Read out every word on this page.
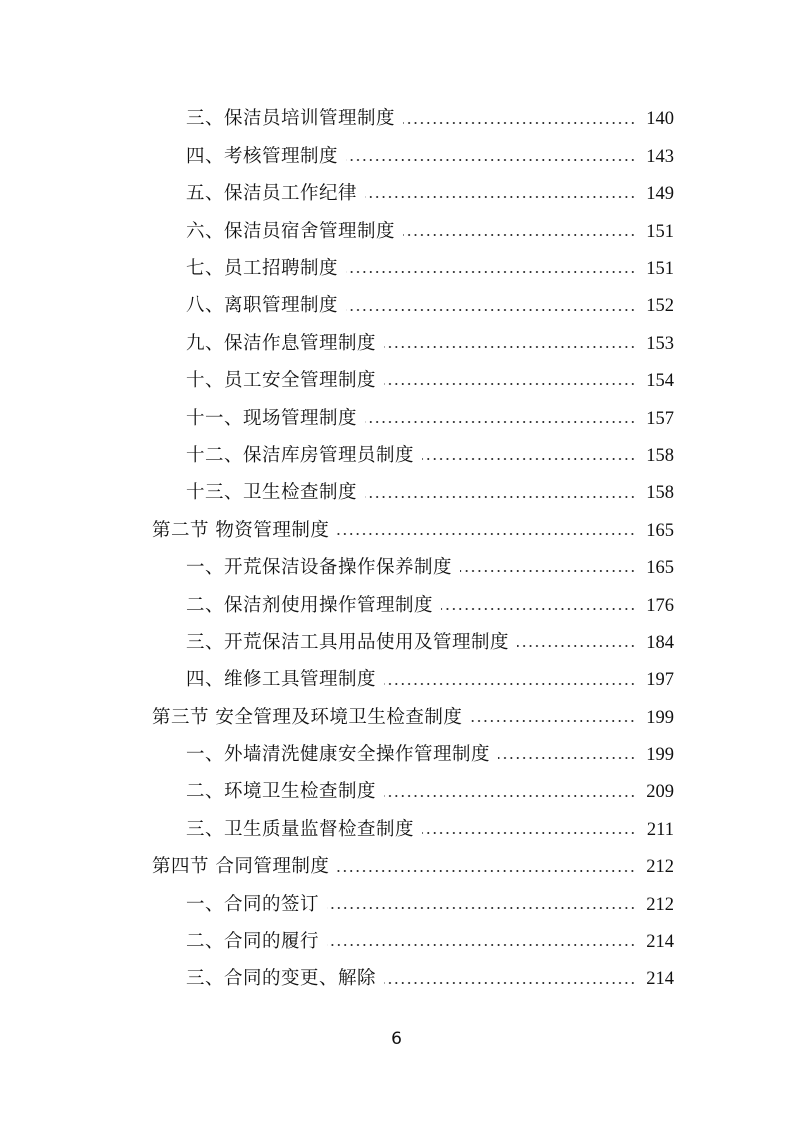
三、保洁员培训管理制度	140
四、考核管理制度	143
五、保洁员工作纪律	149
六、保洁员宿舍管理制度	151
七、员工招聘制度	151
八、离职管理制度	152
九、保洁作息管理制度	153
十、员工安全管理制度	154
十一、现场管理制度	157
十二、保洁库房管理员制度	158
十三、卫生检查制度	158
第二节 物资管理制度	165
一、开荒保洁设备操作保养制度	165
二、保洁剂使用操作管理制度	176
三、开荒保洁工具用品使用及管理制度	184
四、维修工具管理制度	197
第三节 安全管理及环境卫生检查制度	199
一、外墙清洗健康安全操作管理制度	199
二、环境卫生检查制度	209
三、卫生质量监督检查制度	211
第四节 合同管理制度	212
一、合同的签订	212
二、合同的履行	214
三、合同的变更、解除	214
6
